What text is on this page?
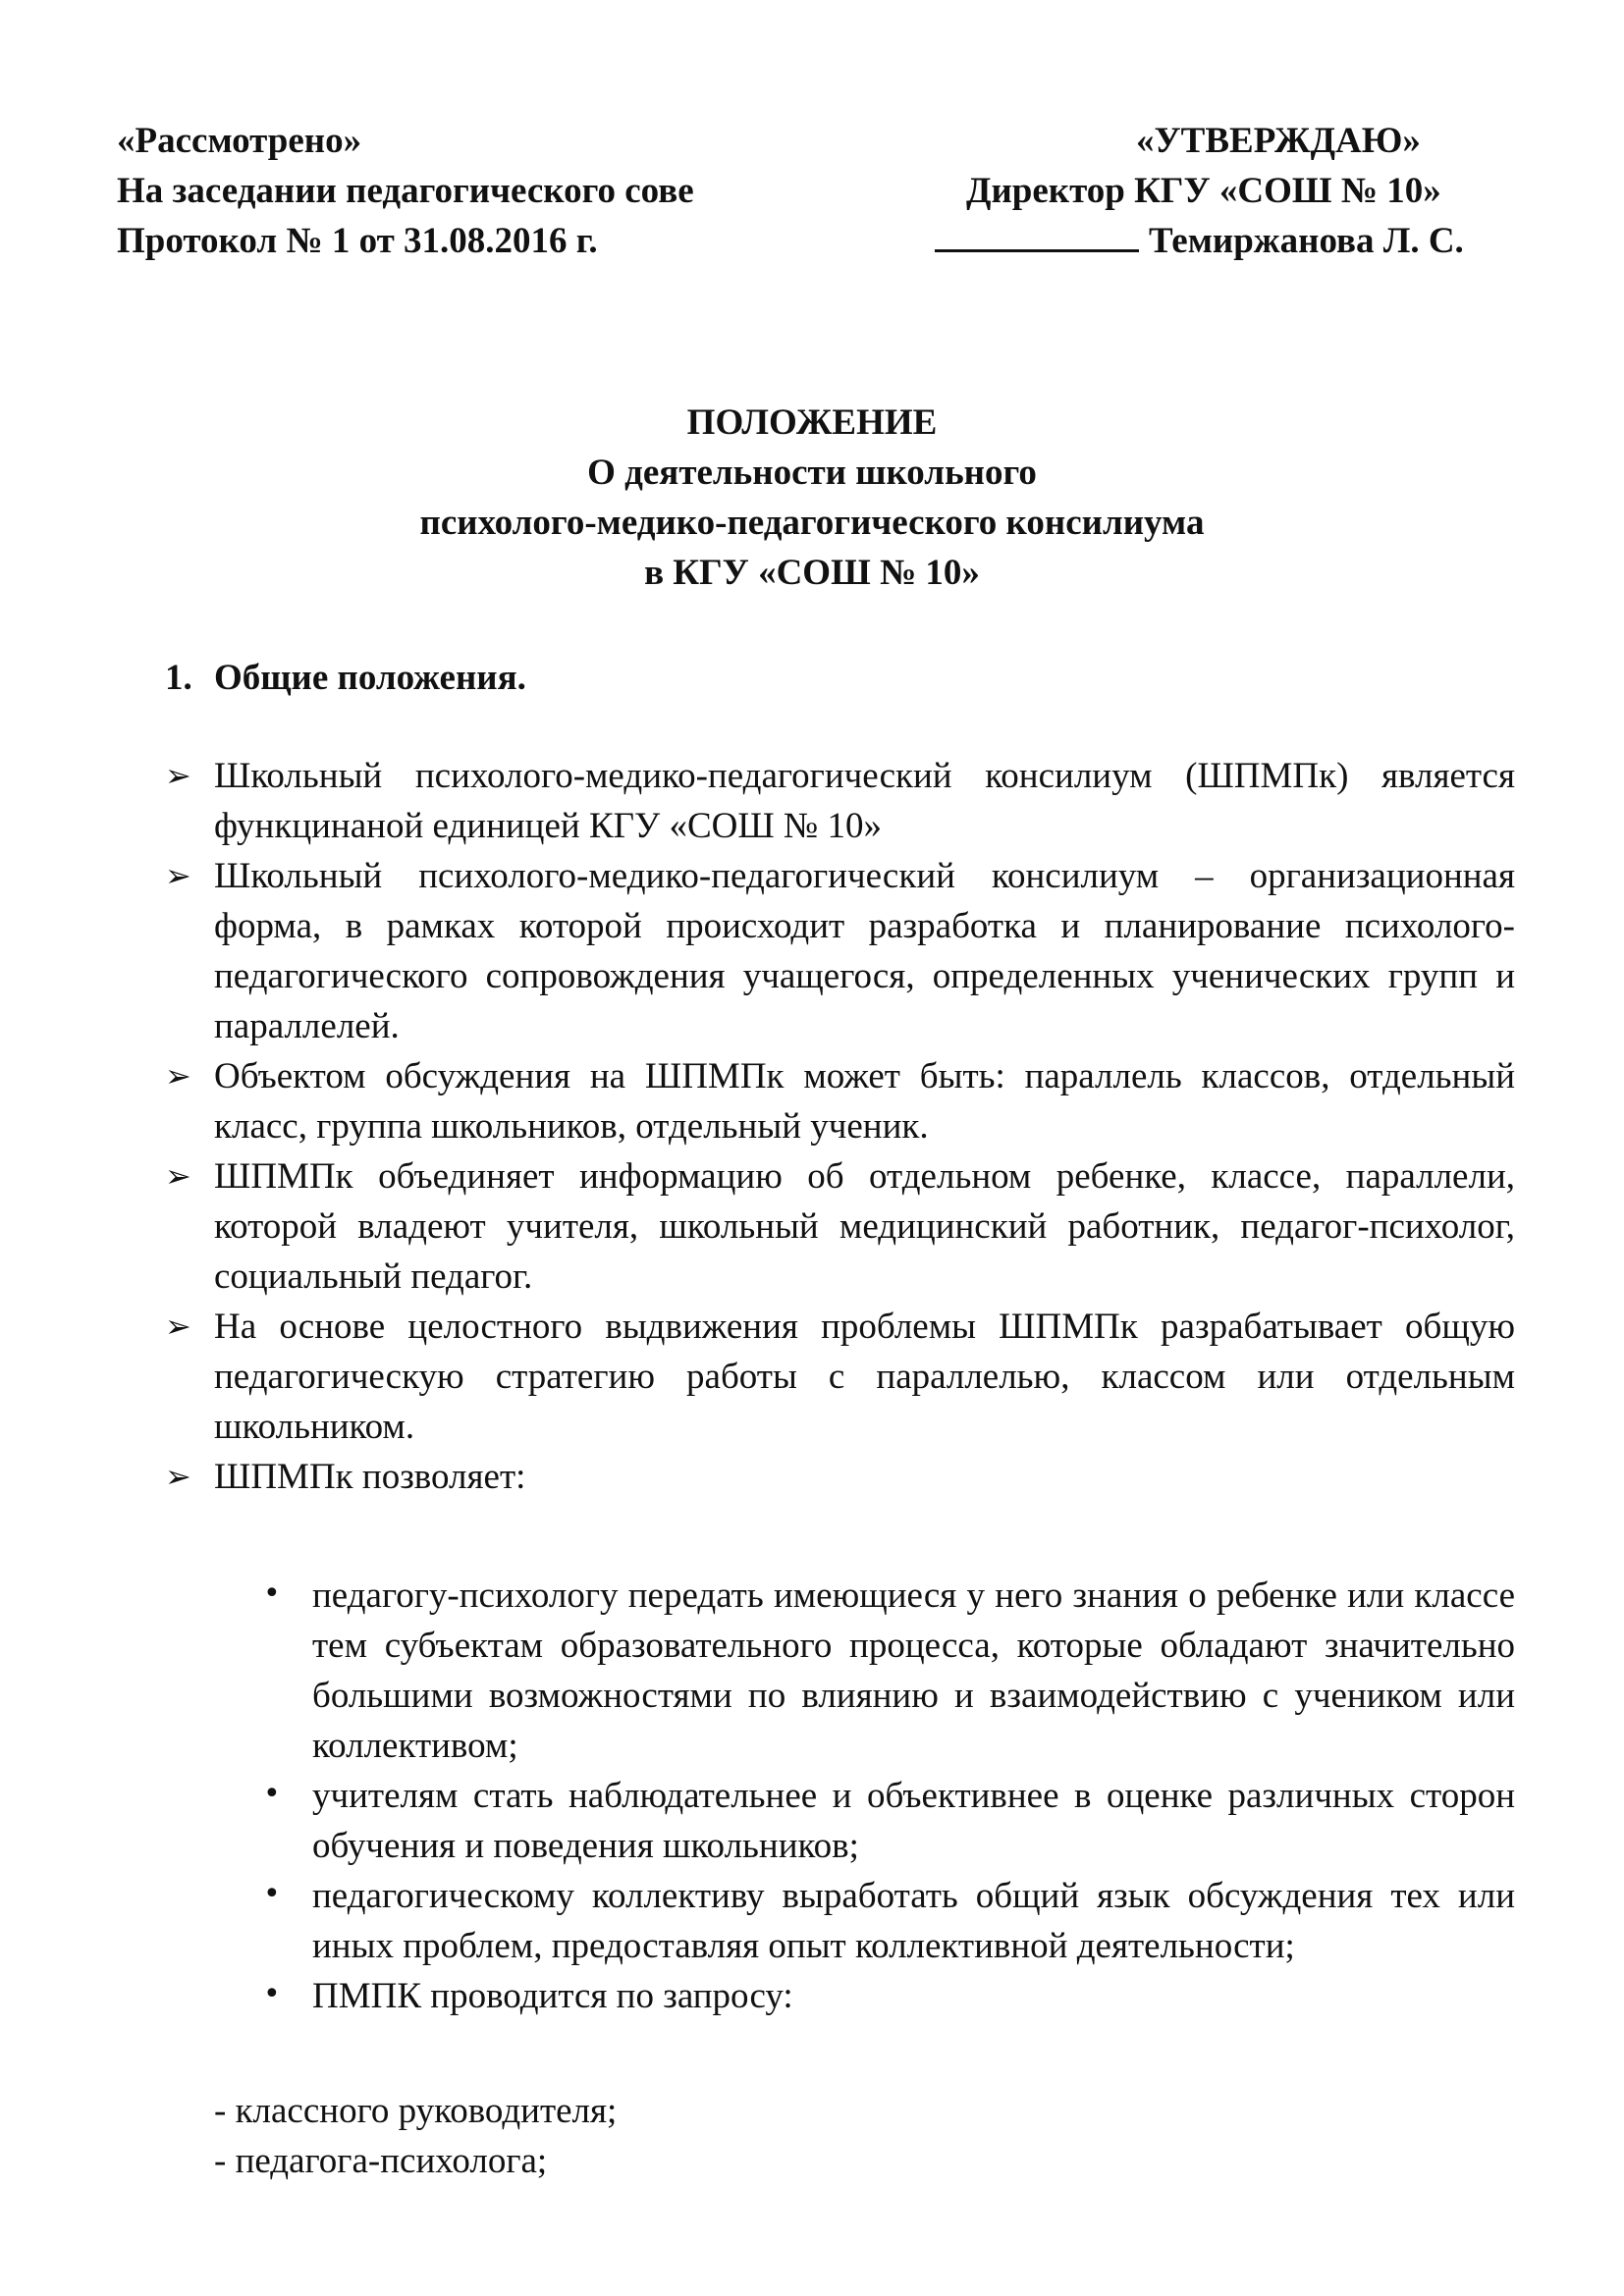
«Рассмотрено»
На заседании педагогического сове
Протокол № 1 от 31.08.2016 г.
«УТВЕРЖДАЮ»
Директор КГУ «СОШ № 10»
Темиржанова Л. С.
ПОЛОЖЕНИЕ
О деятельности школьного
психолого-медико-педагогического консилиума
в КГУ «СОШ № 10»
1. Общие положения.
➢ Школьный психолого-медико-педагогический консилиум (ШПМПк) является функцинаной единицей КГУ «СОШ № 10»
➢ Школьный психолого-медико-педагогический консилиум – организационная форма, в рамках которой происходит разработка и планирование психолого-педагогического сопровождения учащегося, определенных ученических групп и параллелей.
➢ Объектом обсуждения на ШПМПк может быть: параллель классов, отдельный класс, группа школьников, отдельный ученик.
➢ ШПМПк объединяет информацию об отдельном ребенке, классе, параллели, которой владеют учителя, школьный медицинский работник, педагог-психолог, социальный педагог.
➢ На основе целостного выдвижения проблемы ШПМПк разрабатывает общую педагогическую стратегию работы с параллелью, классом или отдельным школьником.
➢ ШПМПк позволяет:
• педагогу-психологу передать имеющиеся у него знания о ребенке или классе тем субъектам образовательного процесса, которые обладают значительно большими возможностями по влиянию и взаимодействию с учеником или коллективом;
• учителям стать наблюдательнее и объективнее в оценке различных сторон обучения и поведения школьников;
• педагогическому коллективу выработать общий язык обсуждения тех или иных проблем, предоставляя опыт коллективной деятельности;
• ПМПК проводится по запросу:
- классного руководителя;
- педагога-психолога;
